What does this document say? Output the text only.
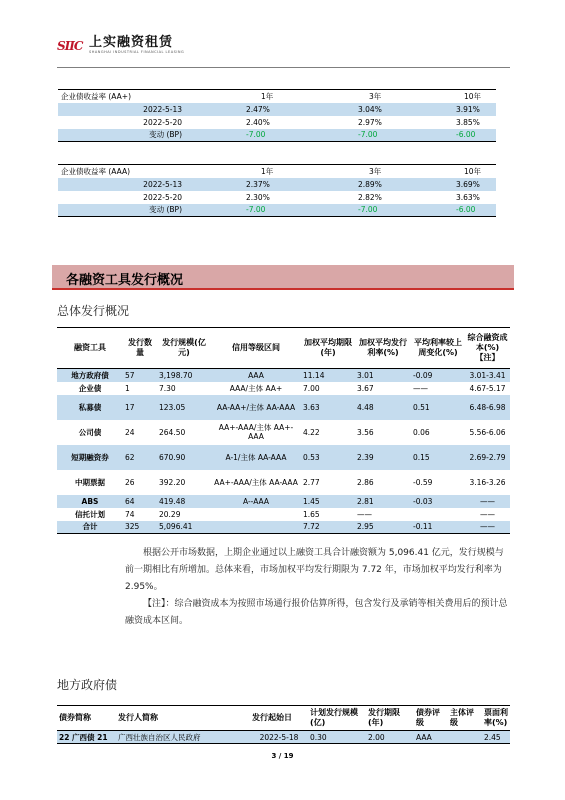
SIIC 上实融资租赁
SHANGHAI INDUSTRIAL FINANCIAL LEASING
企业债收益率 (AA+)	1年	3年	10年
2022-5-13	2.47%	3.04%	3.91%
2022-5-20	2.40%	2.97%	3.85%
变动 (BP)	-7.00	-7.00	-6.00
企业债收益率 (AAA)	1年	3年	10年
2022-5-13	2.37%	2.89%	3.69%
2022-5-20	2.30%	2.82%	3.63%
变动 (BP)	-7.00	-7.00	-6.00
各融资工具发行概况
总体发行概况
融资工具	发行数量	发行规模(亿元)	信用等级区间	加权平均期限(年)	加权平均发行利率(%)	平均利率较上周变化(%)	综合融资成本(%)【注】
地方政府债	57	3,198.70	AAA	11.14	3.01	-0.09	3.01-3.41
企业债	1	7.30	AAA/主体 AA+	7.00	3.67	——	4.67-5.17
私募债	17	123.05	AA-AA+/主体 AA-AAA	3.63	4.48	0.51	6.48-6.98
公司债	24	264.50	AA+-AAA/主体 AA+-AAA	4.22	3.56	0.06	5.56-6.06
短期融资券	62	670.90	A-1/主体 AA-AAA	0.53	2.39	0.15	2.69-2.79
中期票据	26	392.20	AA+-AAA/主体 AA-AAA	2.77	2.86	-0.59	3.16-3.26
ABS	64	419.48	A--AAA	1.45	2.81	-0.03	——
信托计划	74	20.29		1.65	——		——
合计	325	5,096.41		7.72	2.95	-0.11	——

根据公开市场数据，上期企业通过以上融资工具合计融资额为 5,096.41 亿元，发行规模与前一期相比有所增加。总体来看，市场加权平均发行期限为 7.72 年，市场加权平均发行利率为 2.95%。

【注】：综合融资成本为按照市场通行报价估算所得，包含发行及承销等相关费用后的预计总融资成本区间。

地方政府债
债券简称	发行人简称	发行起始日	计划发行规模(亿)	发行期限(年)	债券评级	主体评级	票面利率(%)
22 广西债 21	广西壮族自治区人民政府	2022-5-18	0.30	2.00	AAA		2.45
3 / 19
